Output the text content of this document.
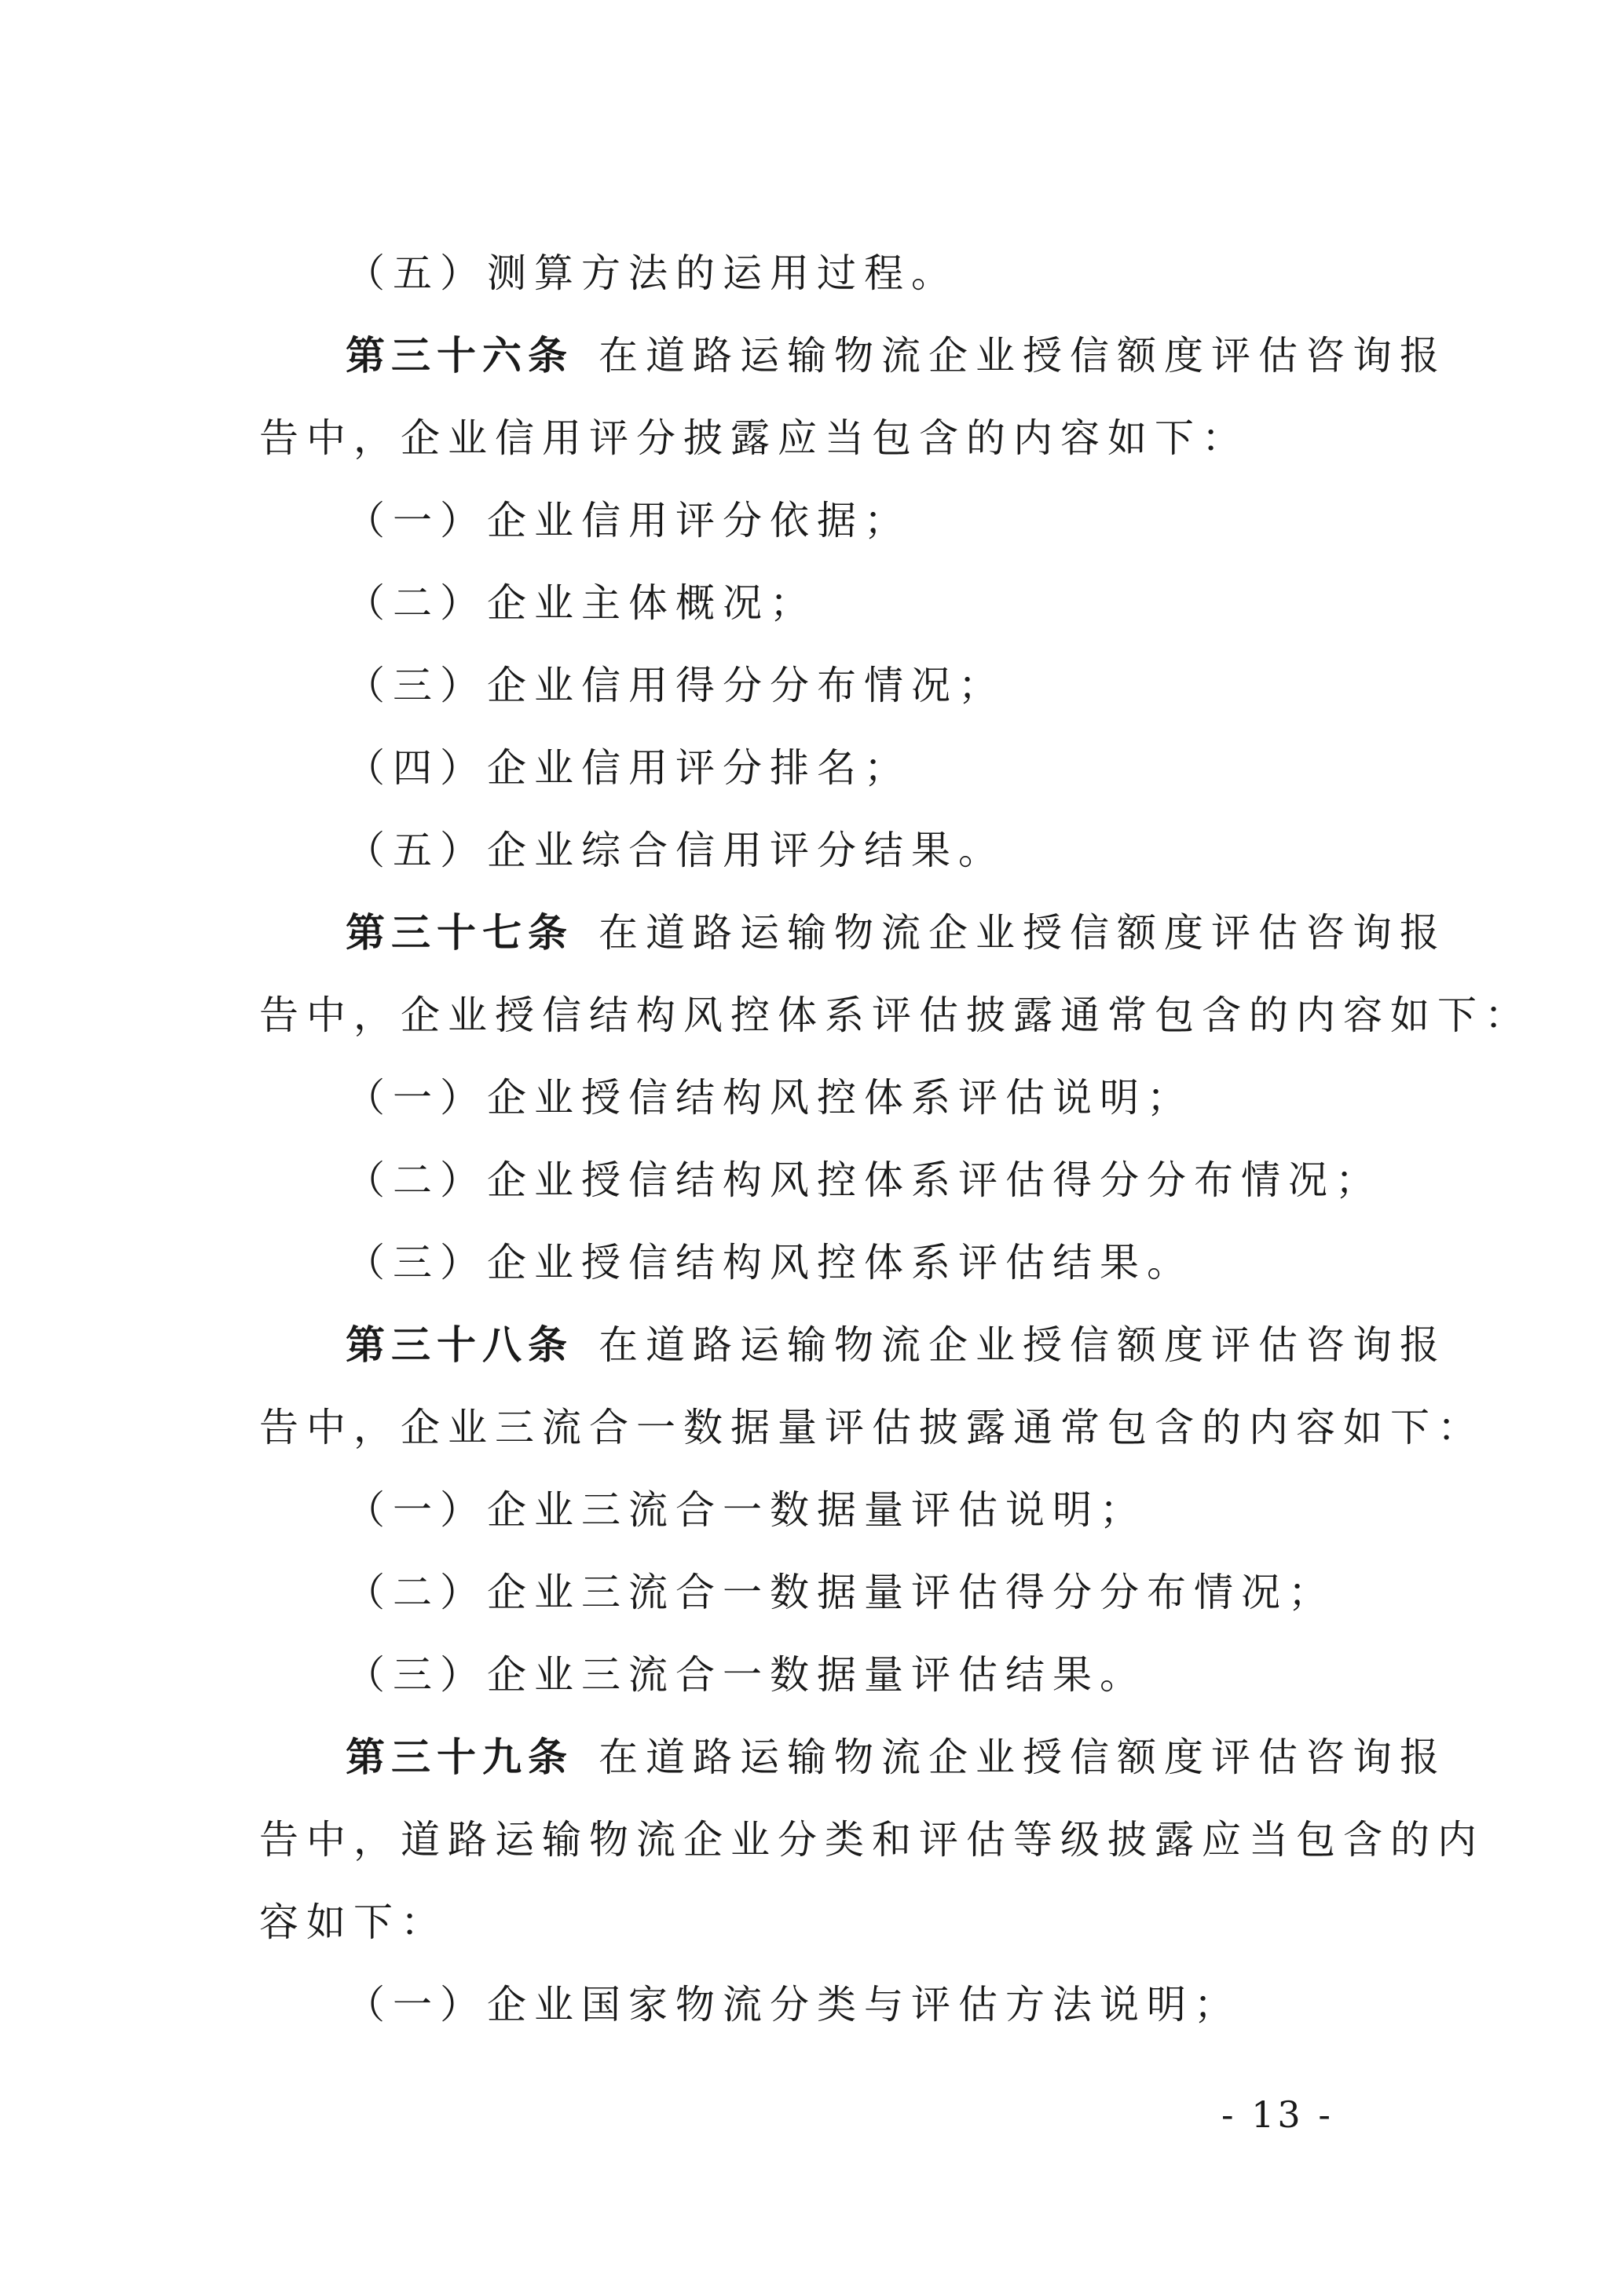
（五）测算方法的运用过程。
第三十六条 在道路运输物流企业授信额度评估咨询报
告中，企业信用评分披露应当包含的内容如下：
（一）企业信用评分依据；
（二）企业主体概况；
（三）企业信用得分分布情况；
（四）企业信用评分排名；
（五）企业综合信用评分结果。
第三十七条 在道路运输物流企业授信额度评估咨询报
告中，企业授信结构风控体系评估披露通常包含的内容如下：
（一）企业授信结构风控体系评估说明；
（二）企业授信结构风控体系评估得分分布情况；
（三）企业授信结构风控体系评估结果。
第三十八条 在道路运输物流企业授信额度评估咨询报
告中，企业三流合一数据量评估披露通常包含的内容如下：
（一）企业三流合一数据量评估说明；
（二）企业三流合一数据量评估得分分布情况；
（三）企业三流合一数据量评估结果。
第三十九条 在道路运输物流企业授信额度评估咨询报
告中，道路运输物流企业分类和评估等级披露应当包含的内
容如下：
（一）企业国家物流分类与评估方法说明；
- 13 -
